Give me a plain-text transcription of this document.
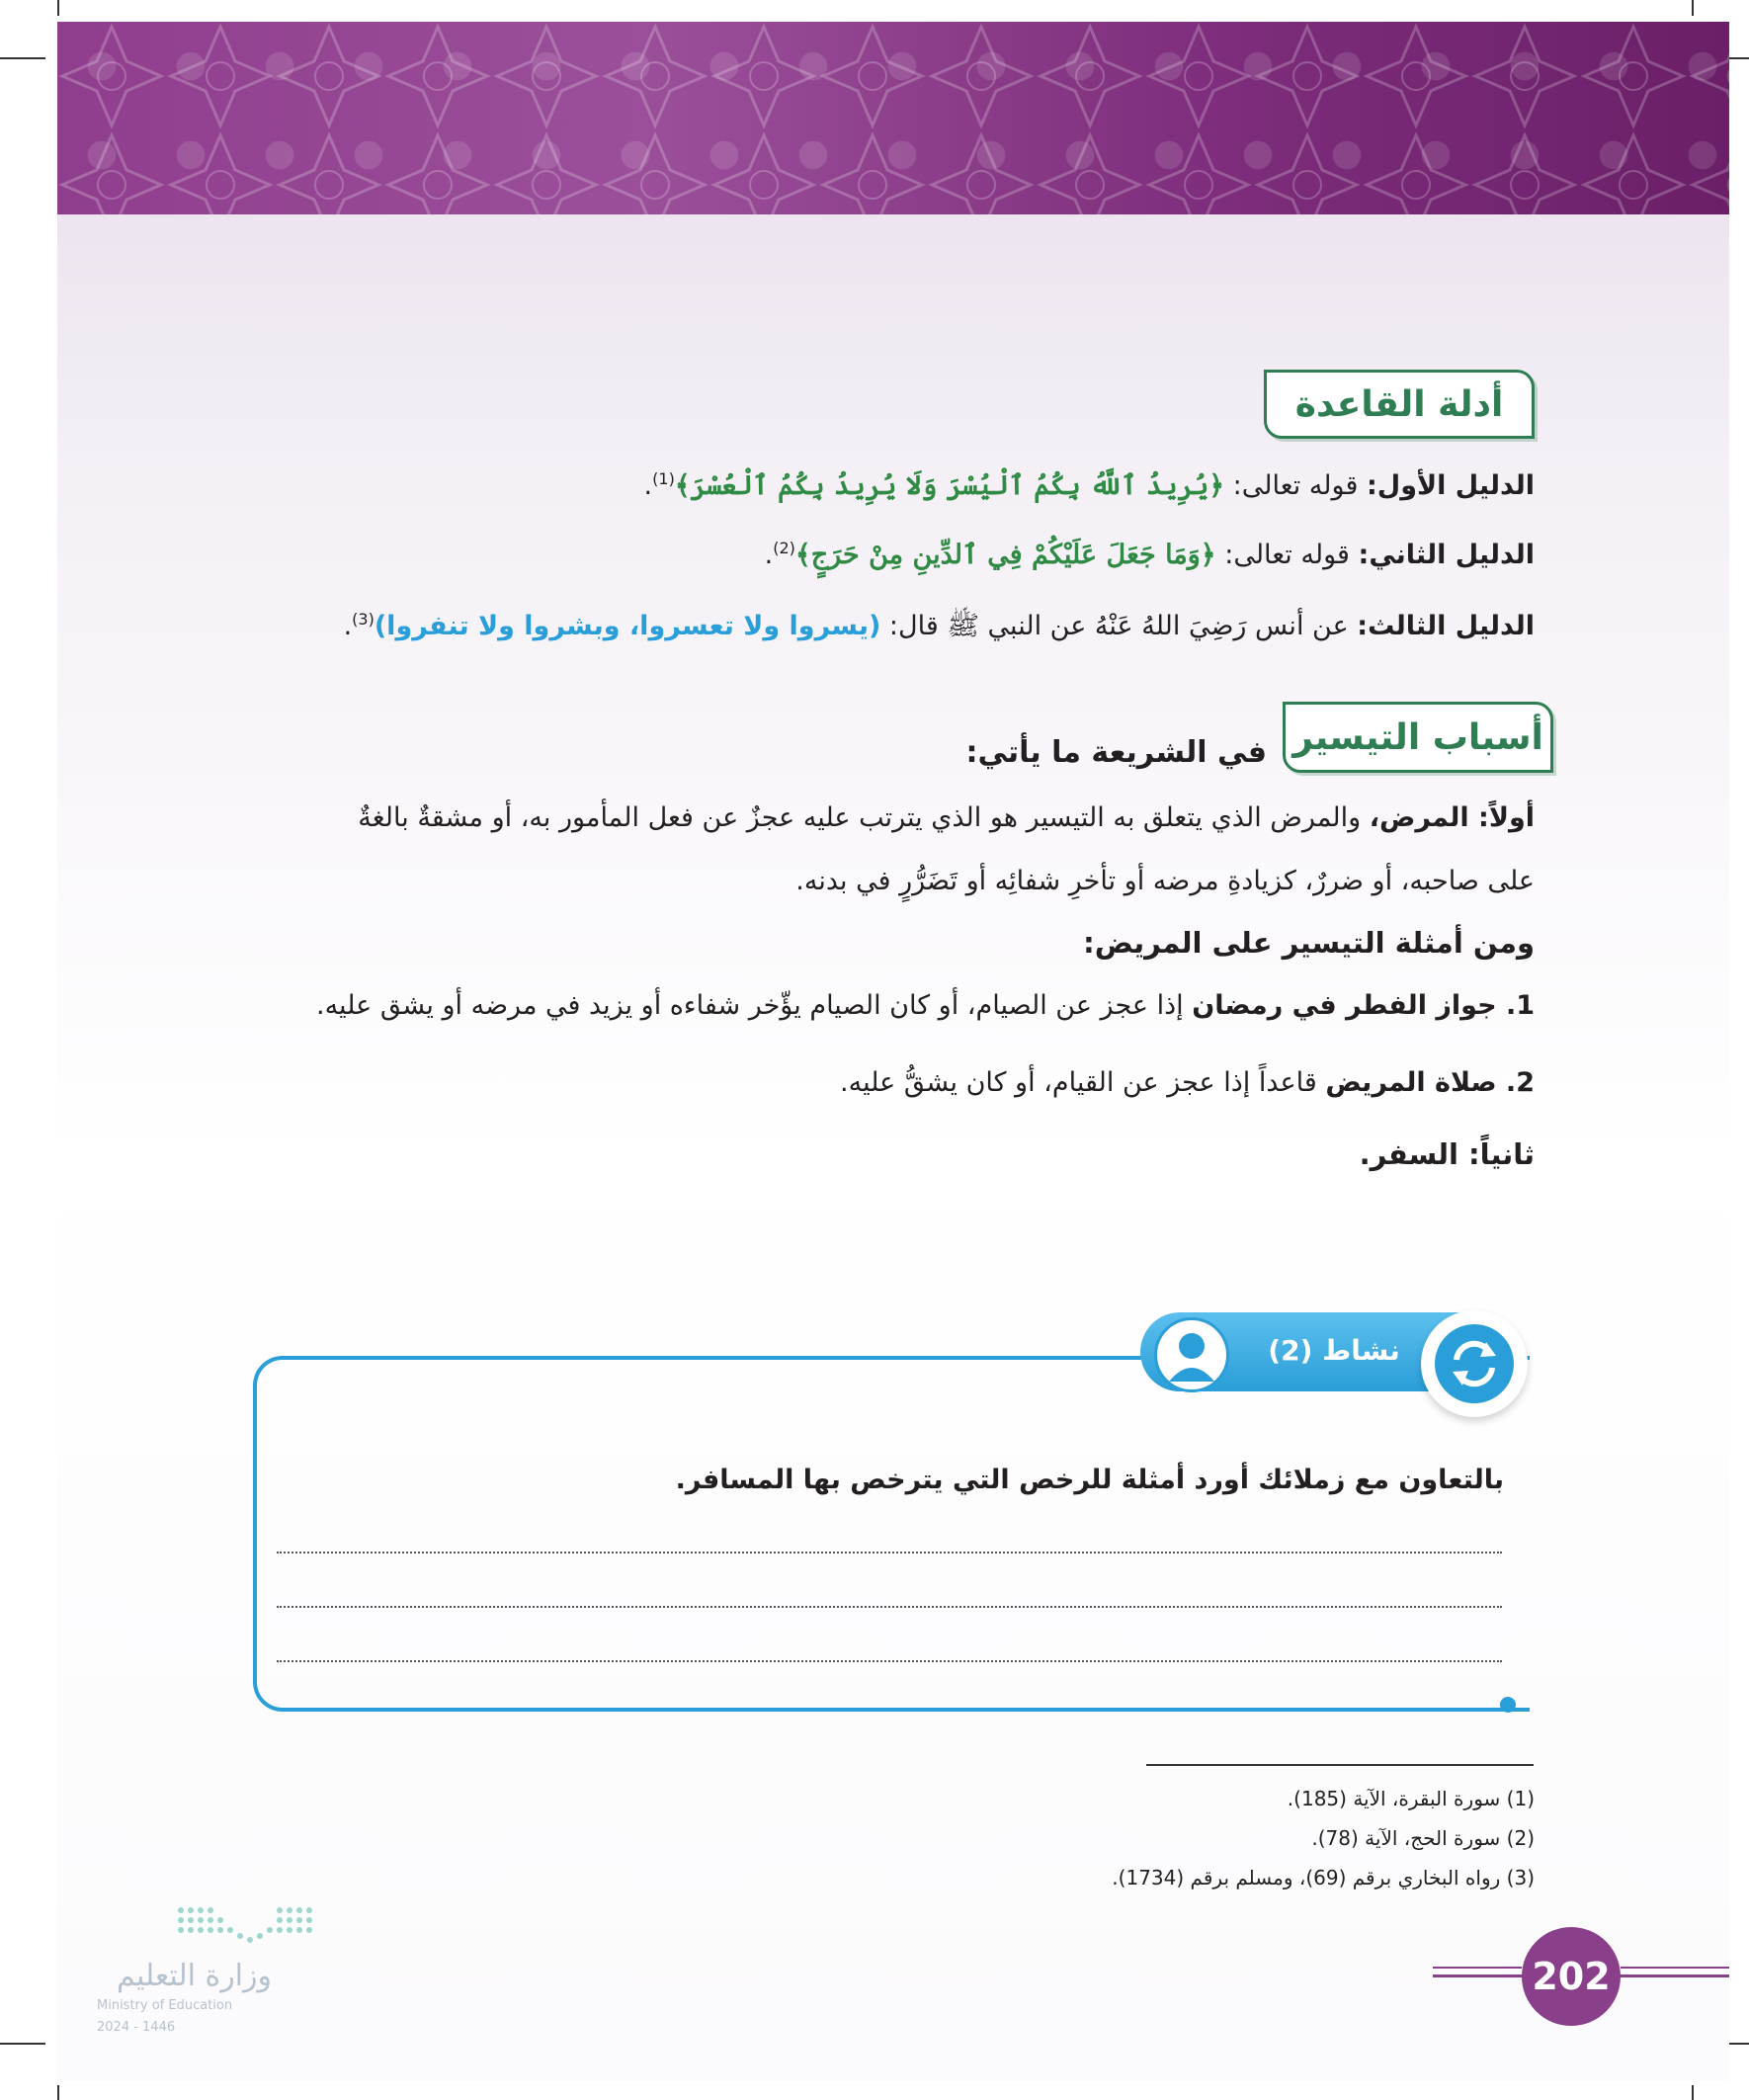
أدلة القاعدة
الدليل الأول: قوله تعالى: ﴿يُرِيدُ ٱللَّهُ بِكُمُ ٱلْيُسْرَ وَلَا يُرِيدُ بِكُمُ ٱلْعُسْرَ﴾$^{(1)}$.
الدليل الثاني: قوله تعالى: ﴿وَمَا جَعَلَ عَلَيْكُمْ فِي ٱلدِّينِ مِنْ حَرَجٍ﴾$^{(2)}$.
الدليل الثالث: عن أنس رَضِيَ اللهُ عَنْهُ عن النبي ﷺ قال: (يسروا ولا تعسروا، وبشروا ولا تنفروا)$^{(3)}$.
أسباب التيسير
في الشريعة ما يأتي:
أولاً: المرض، والمرض الذي يتعلق به التيسير هو الذي يترتب عليه عجزٌ عن فعل المأمور به، أو مشقةٌ بالغةٌ
على صاحبه، أو ضررٌ، كزيادةِ مرضه أو تأخرِ شفائِه أو تَضَرُّرٍ في بدنه.
ومن أمثلة التيسير على المريض:
1. جواز الفطر في رمضان إذا عجز عن الصيام، أو كان الصيام يؤّخر شفاءه أو يزيد في مرضه أو يشق عليه.
2. صلاة المريض قاعداً إذا عجز عن القيام، أو كان يشقُّ عليه.
ثانياً: السفر.
نشاط (2)
بالتعاون مع زملائك أورد أمثلة للرخص التي يترخص بها المسافر.
(1) سورة البقرة، الآية (185).
(2) سورة الحج، الآية (78).
(3) رواه البخاري برقم (69)، ومسلم برقم (1734).
202
وزارة التعليم
Ministry of Education
2024 - 1446
